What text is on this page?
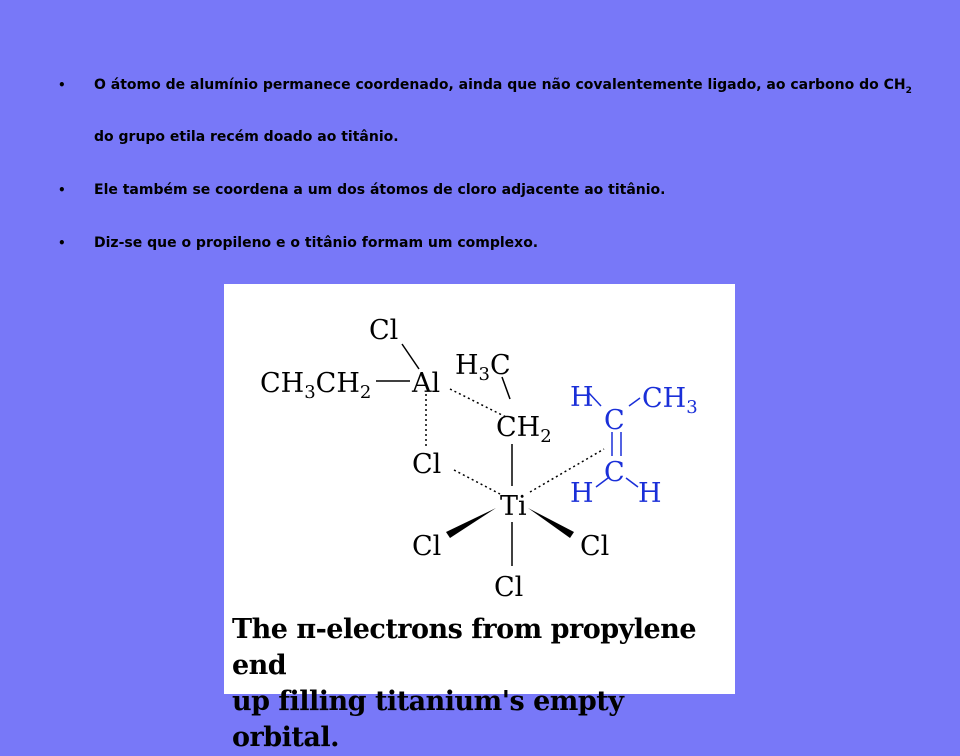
• O átomo de alumínio permanece coordenado, ainda que não covalentemente ligado, ao carbono do $CH_2$
do grupo etila recém doado ao titânio.
• Ele também se coordena a um dos átomos de cloro adjacente ao titânio.
• Diz-se que o propileno e o titânio formam um complexo.
Cl
$CH_3CH_2$ Al
$H_3C$
$CH_2$
Cl
Ti
Cl	Cl
Cl
H
C
$CH_3$
C
H H
The π-electrons from propylene end
up filling titanium's empty orbital.
